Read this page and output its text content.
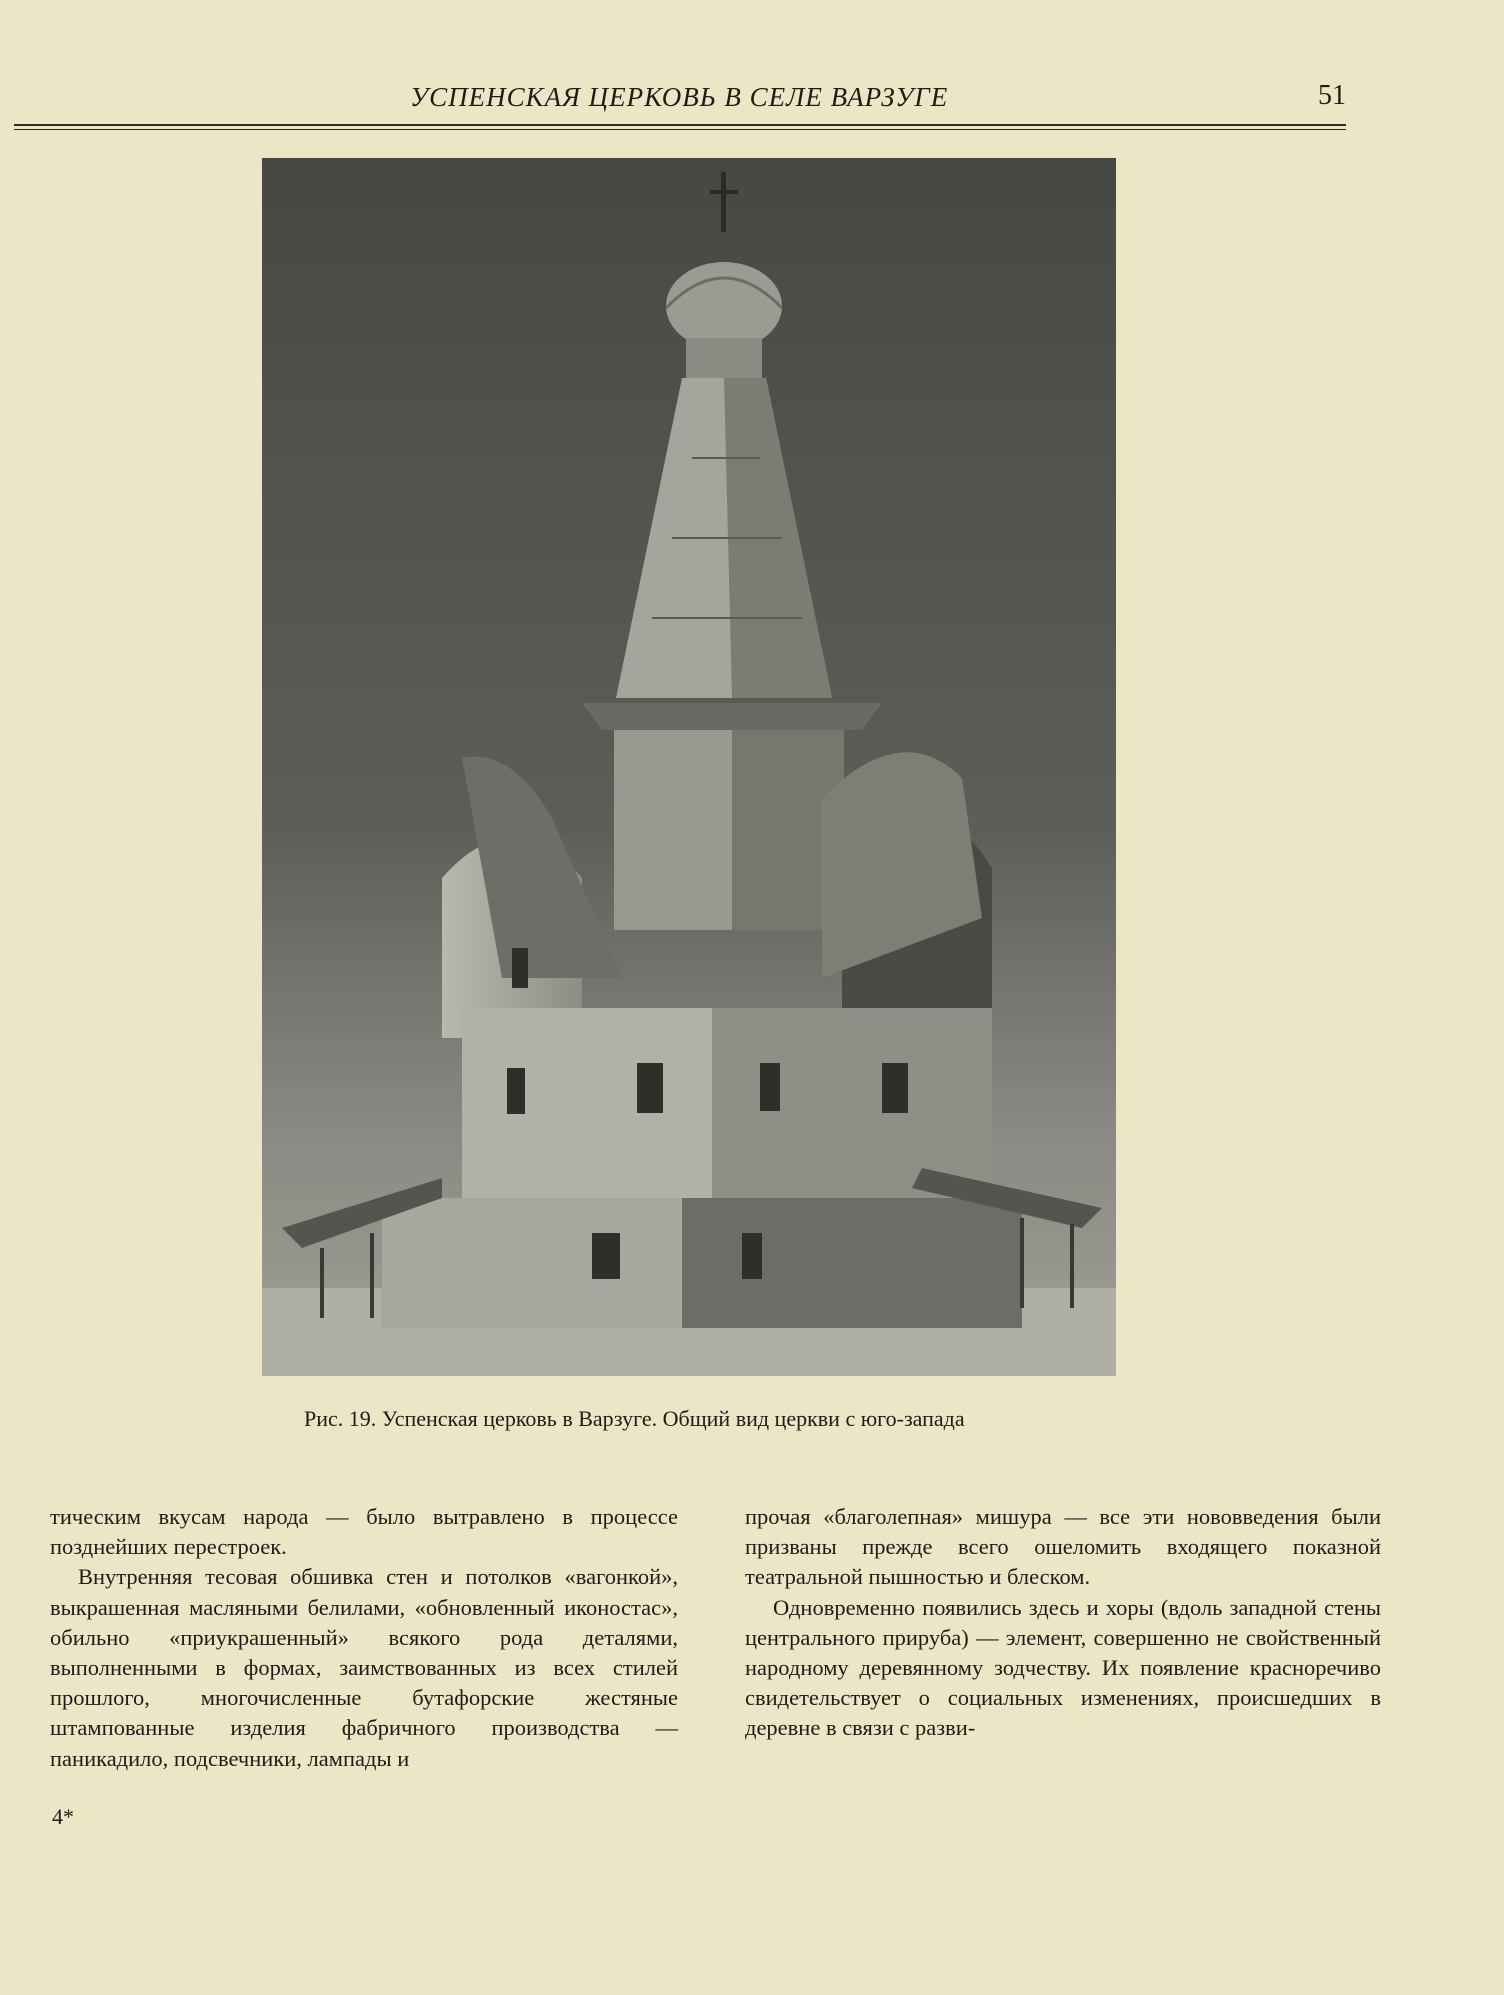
УСПЕНСКАЯ ЦЕРКОВЬ В СЕЛЕ ВАРЗУГЕ	51
Рис. 19. Успенская церковь в Варзуге. Общий вид церкви с юго-запада

тическим вкусам народа — было вытравлено в процессе позднейших перестроек.

Внутренняя тесовая обшивка стен и потолков «вагонкой», выкрашенная масляными белилами, «обновленный иконостас», обильно «приукрашенный» всякого рода деталями, выполненными в формах, заимствованных из всех стилей прошлого, многочисленные бутафорские жестяные штампованные изделия фабричного производства — паникадило, подсвечники, лампады и

прочая «благолепная» мишура — все эти нововведения были призваны прежде всего ошеломить входящего показной театральной пышностью и блеском.

Одновременно появились здесь и хоры (вдоль западной стены центрального прируба) — элемент, совершенно не свойственный народному деревянному зодчеству. Их появление красноречиво свидетельствует о социальных изменениях, происшедших в деревне в связи с разви-

4*
